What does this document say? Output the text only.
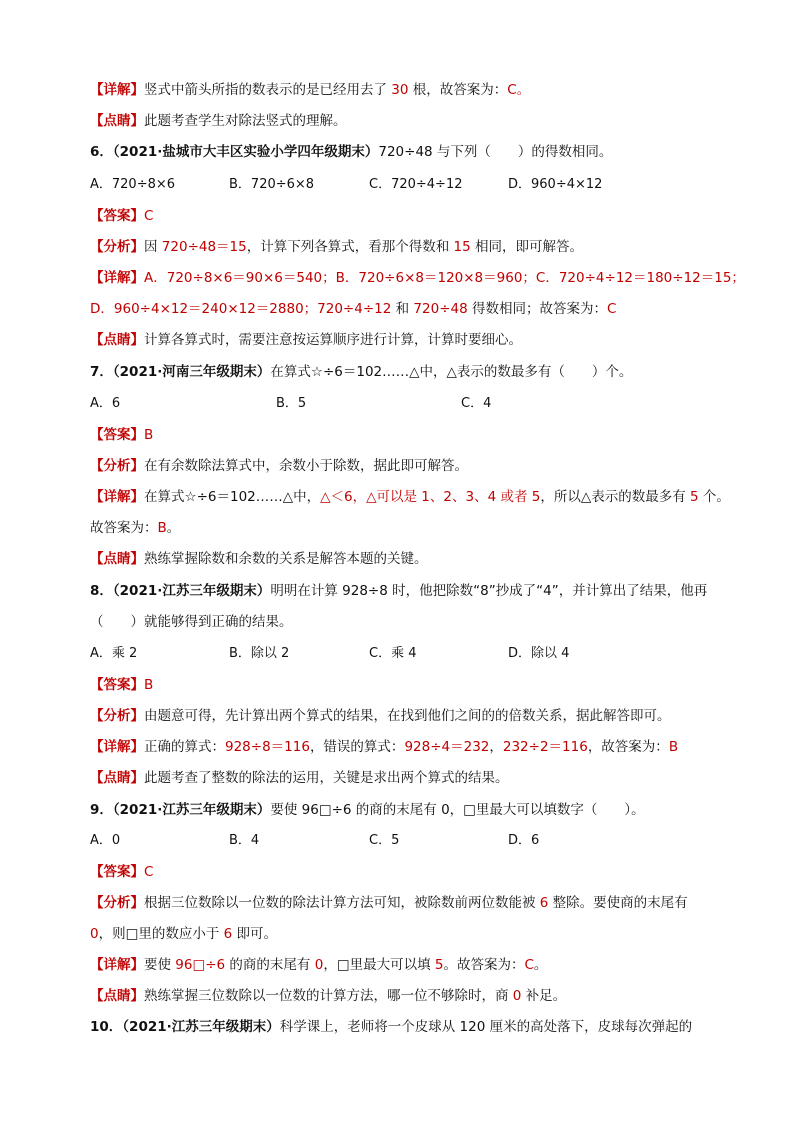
【详解】竖式中箭头所指的数表示的是已经用去了 30 根，故答案为：C。
【点睛】此题考查学生对除法竖式的理解。
6．（2021·盐城市大丰区实验小学四年级期末）720÷48 与下列（　　）的得数相同。
A．720÷8×6	B．720÷6×8	C．720÷4÷12	D．960÷4×12
【答案】C
【分析】因 720÷48＝15，计算下列各算式，看那个得数和 15 相同，即可解答。
【详解】A．720÷8×6＝90×6＝540；B．720÷6×8＝120×8＝960；C．720÷4÷12＝180÷12＝15；
D．960÷4×12＝240×12＝2880；720÷4÷12 和 720÷48 得数相同；故答案为：C
【点睛】计算各算式时，需要注意按运算顺序进行计算，计算时要细心。
7．（2021·河南三年级期末）在算式☆÷6＝102……△中，△表示的数最多有（　　）个。
A．6	B．5	C．4
【答案】B
【分析】在有余数除法算式中，余数小于除数，据此即可解答。
【详解】在算式☆÷6＝102……△中，△＜6，△可以是 1、2、3、4 或者 5，所以△表示的数最多有 5 个。
故答案为：B。
【点睛】熟练掌握除数和余数的关系是解答本题的关键。
8．（2021·江苏三年级期末）明明在计算 928÷8 时，他把除数“8”抄成了“4”，并计算出了结果，他再
（　　）就能够得到正确的结果。
A．乘 2	B．除以 2	C．乘 4	D．除以 4
【答案】B
【分析】由题意可得，先计算出两个算式的结果，在找到他们之间的的倍数关系，据此解答即可。
【详解】正确的算式：928÷8＝116，错误的算式：928÷4＝232，232÷2＝116，故答案为：B
【点睛】此题考查了整数的除法的运用，关键是求出两个算式的结果。
9．（2021·江苏三年级期末）要使 96□÷6 的商的末尾有 0，□里最大可以填数字（　　）。
A．0	B．4	C．5	D．6
【答案】C
【分析】根据三位数除以一位数的除法计算方法可知，被除数前两位数能被 6 整除。要使商的末尾有
0，则□里的数应小于 6 即可。
【详解】要使 96□÷6 的商的末尾有 0，□里最大可以填 5。故答案为：C。
【点睛】熟练掌握三位数除以一位数的计算方法，哪一位不够除时，商 0 补足。
10．（2021·江苏三年级期末）科学课上，老师将一个皮球从 120 厘米的高处落下，皮球每次弹起的
